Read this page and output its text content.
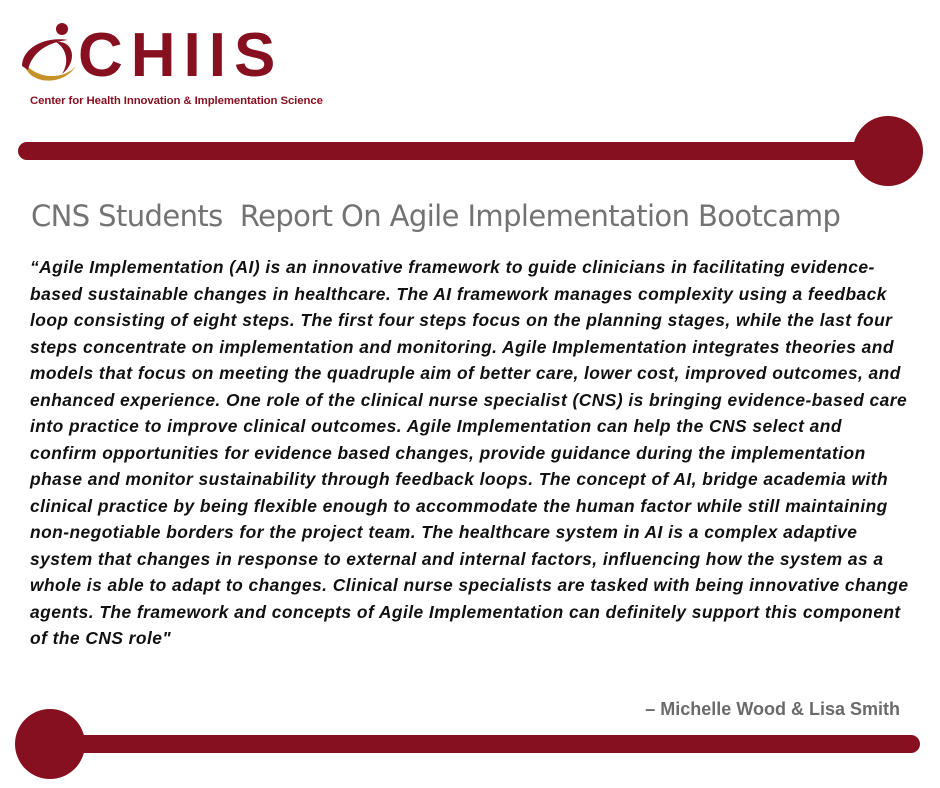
CHIIS
Center for Health Innovation & Implementation Science
CNS Students  Report On Agile Implementation Bootcamp

“Agile Implementation (AI) is an innovative framework to guide clinicians in facilitating evidence-based sustainable changes in healthcare. The AI framework manages complexity using a feedback loop consisting of eight steps. The first four steps focus on the planning stages, while the last four steps concentrate on implementation and monitoring. Agile Implementation integrates theories and models that focus on meeting the quadruple aim of better care, lower cost, improved outcomes, and enhanced experience. One role of the clinical nurse specialist (CNS) is bringing evidence-based care into practice to improve clinical outcomes. Agile Implementation can help the CNS select and confirm opportunities for evidence based changes, provide guidance during the implementation phase and monitor sustainability through feedback loops. The concept of AI, bridge academia with clinical practice by being flexible enough to accommodate the human factor while still maintaining non-negotiable borders for the project team. The healthcare system in AI is a complex adaptive system that changes in response to external and internal factors, influencing how the system as a whole is able to adapt to changes. Clinical nurse specialists are tasked with being innovative change agents. The framework and concepts of Agile Implementation can definitely support this component of the CNS role"

– Michelle Wood & Lisa Smith
